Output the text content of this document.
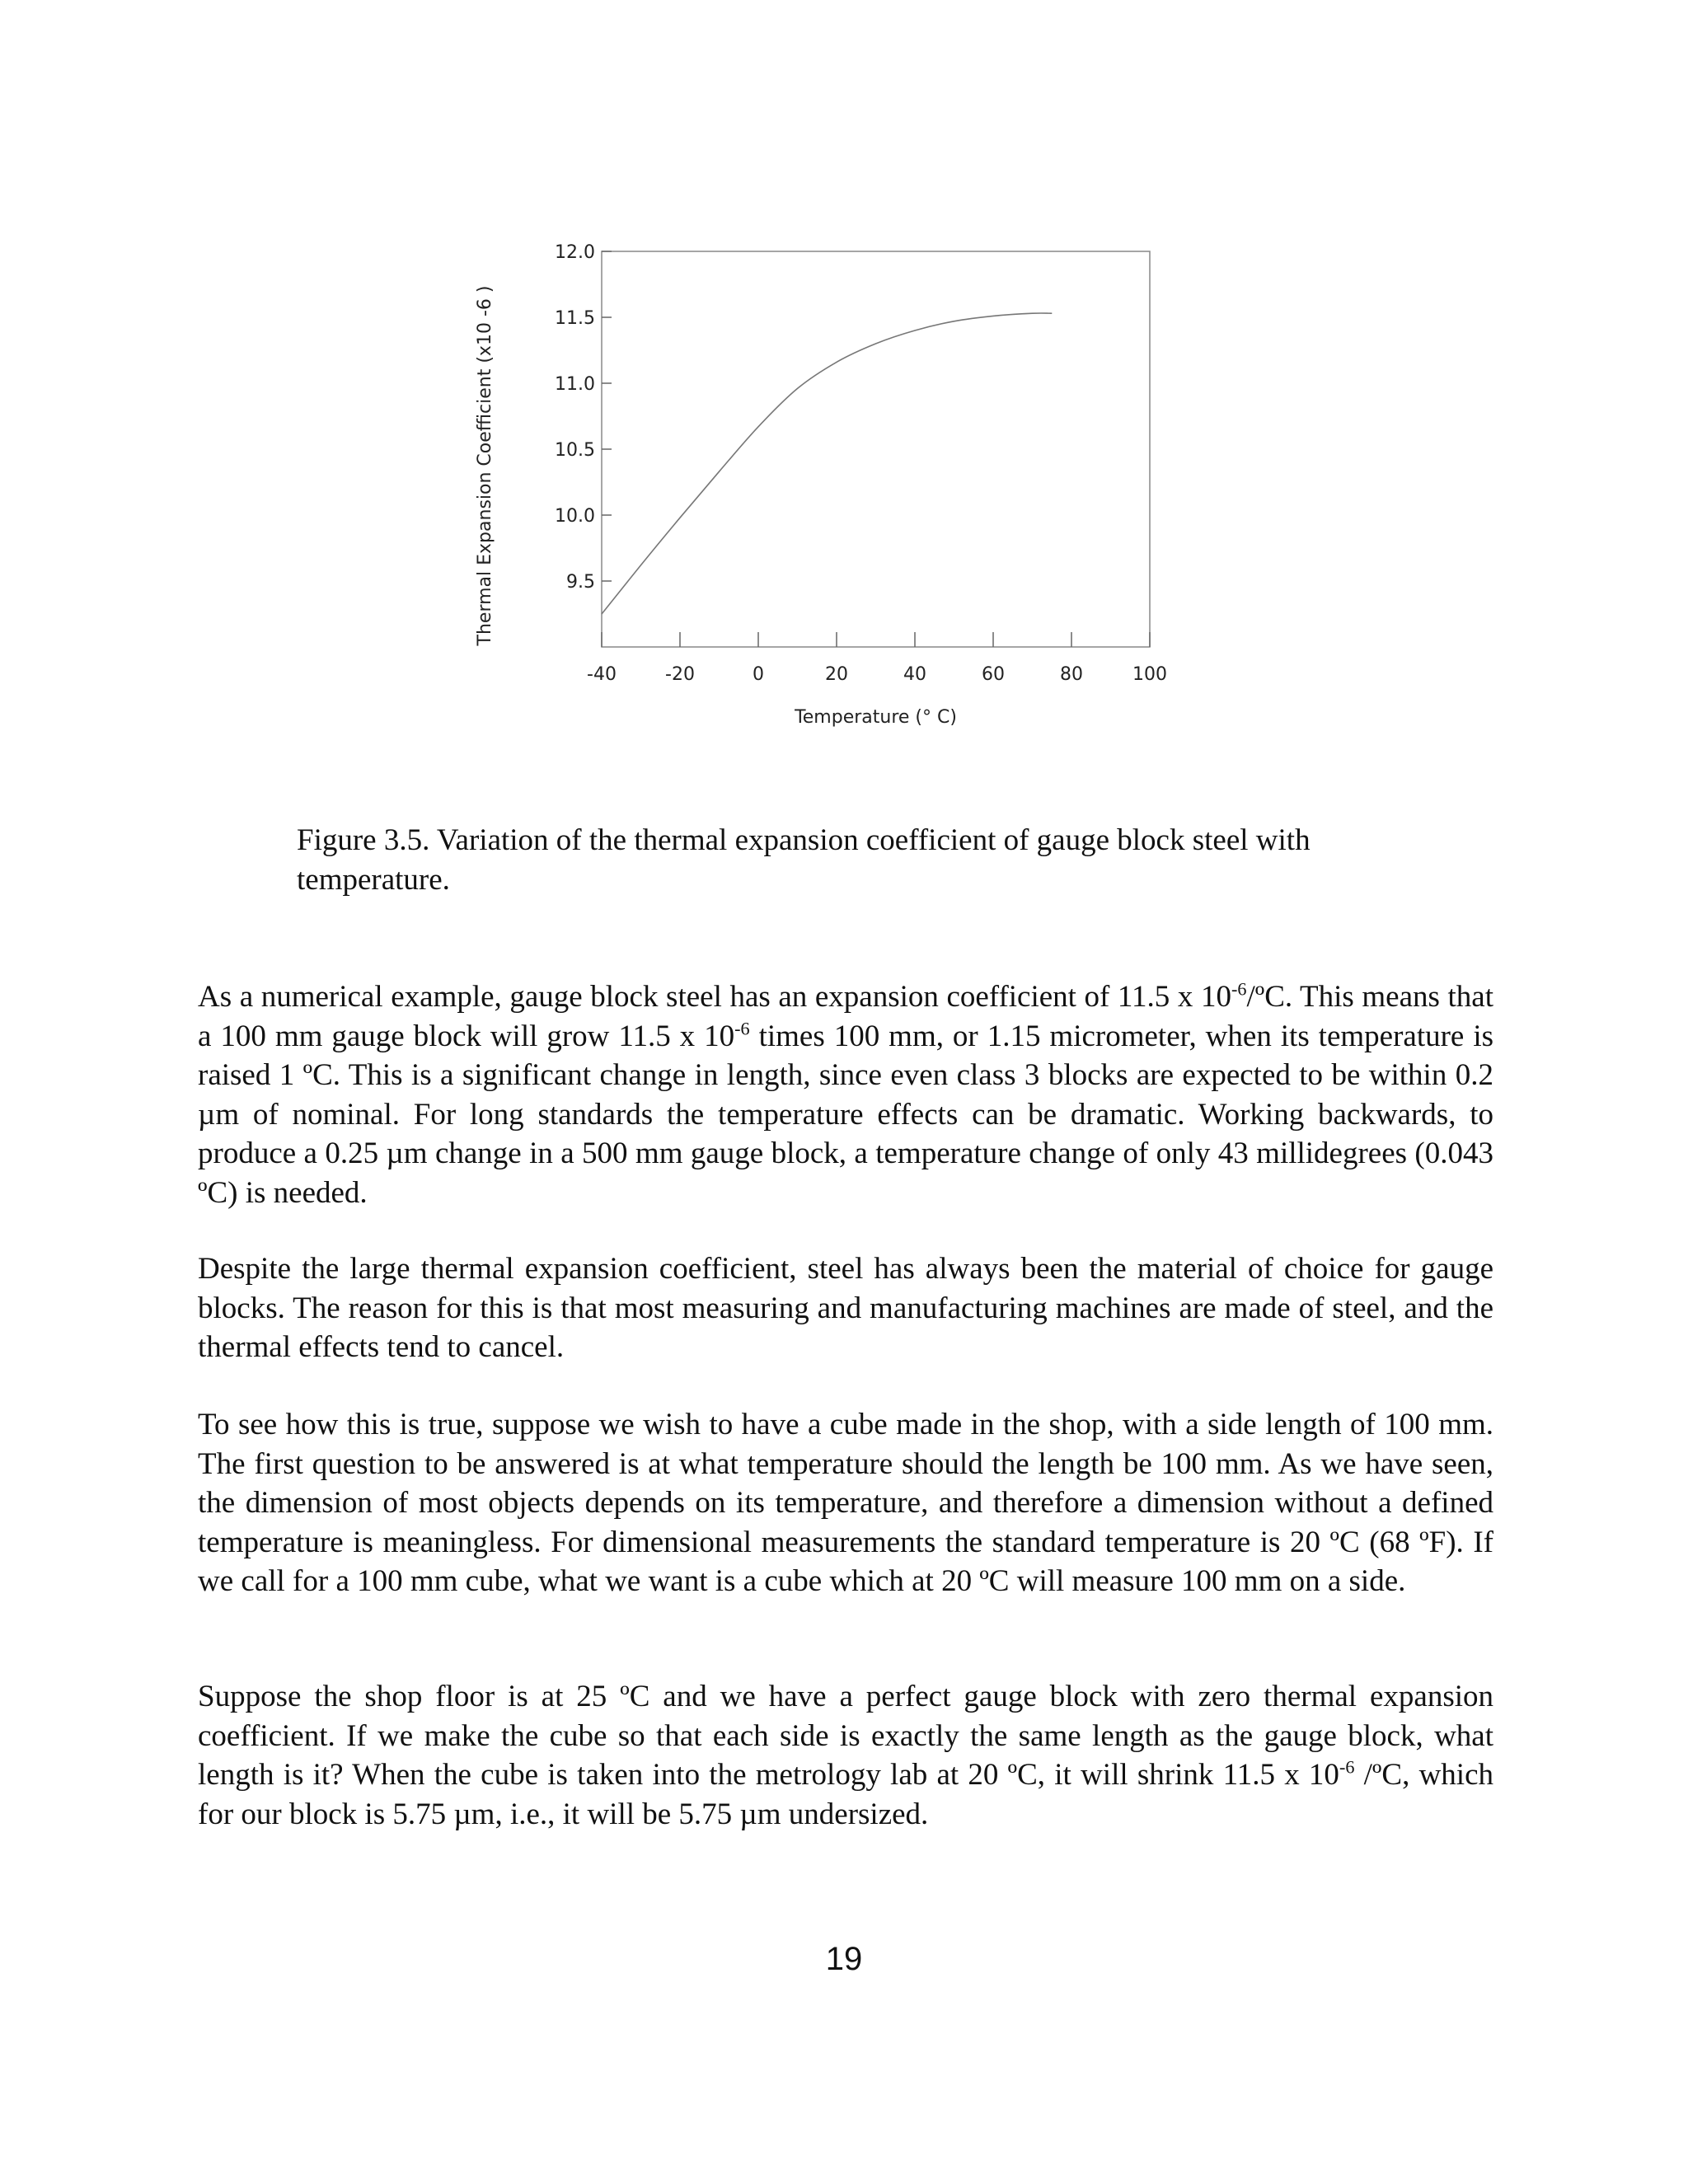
9.5
10.0
10.5
11.0
11.5
12.0
-40	-20	0	20	40	60	80	100
Temperature (° C)
Thermal Expansion Coefficient (x10 -6 )
Figure 3.5. Variation of the thermal expansion coefficient of gauge block steel with temperature.

As a numerical example, gauge block steel has an expansion coefficient of 11.5 x $10^{-6}/ºC$. This means that a 100 mm gauge block will grow 11.5 x $10^{-6}$ times 100 mm, or 1.15 micrometer, when its temperature is raised 1 ºC. This is a significant change in length, since even class 3 blocks are expected to be within 0.2 µm of nominal. For long standards the temperature effects can be dramatic. Working backwards, to produce a 0.25 µm change in a 500 mm gauge block, a temperature change of only 43 millidegrees (0.043 ºC) is needed.

Despite the large thermal expansion coefficient, steel has always been the material of choice for gauge blocks. The reason for this is that most measuring and manufacturing machines are made of steel, and the thermal effects tend to cancel.

To see how this is true, suppose we wish to have a cube made in the shop, with a side length of 100 mm. The first question to be answered is at what temperature should the length be 100 mm. As we have seen, the dimension of most objects depends on its temperature, and therefore a dimension without a defined temperature is meaningless. For dimensional measurements the standard temperature is 20 ºC (68 ºF). If we call for a 100 mm cube, what we want is a cube which at 20 ºC will measure 100 mm on a side.

Suppose the shop floor is at 25 ºC and we have a perfect gauge block with zero thermal expansion coefficient. If we make the cube so that each side is exactly the same length as the gauge block, what length is it? When the cube is taken into the metrology lab at 20 ºC, it will shrink 11.5 x $10^{-6}$ /ºC, which for our block is 5.75 µm, i.e., it will be 5.75 µm undersized.

19
